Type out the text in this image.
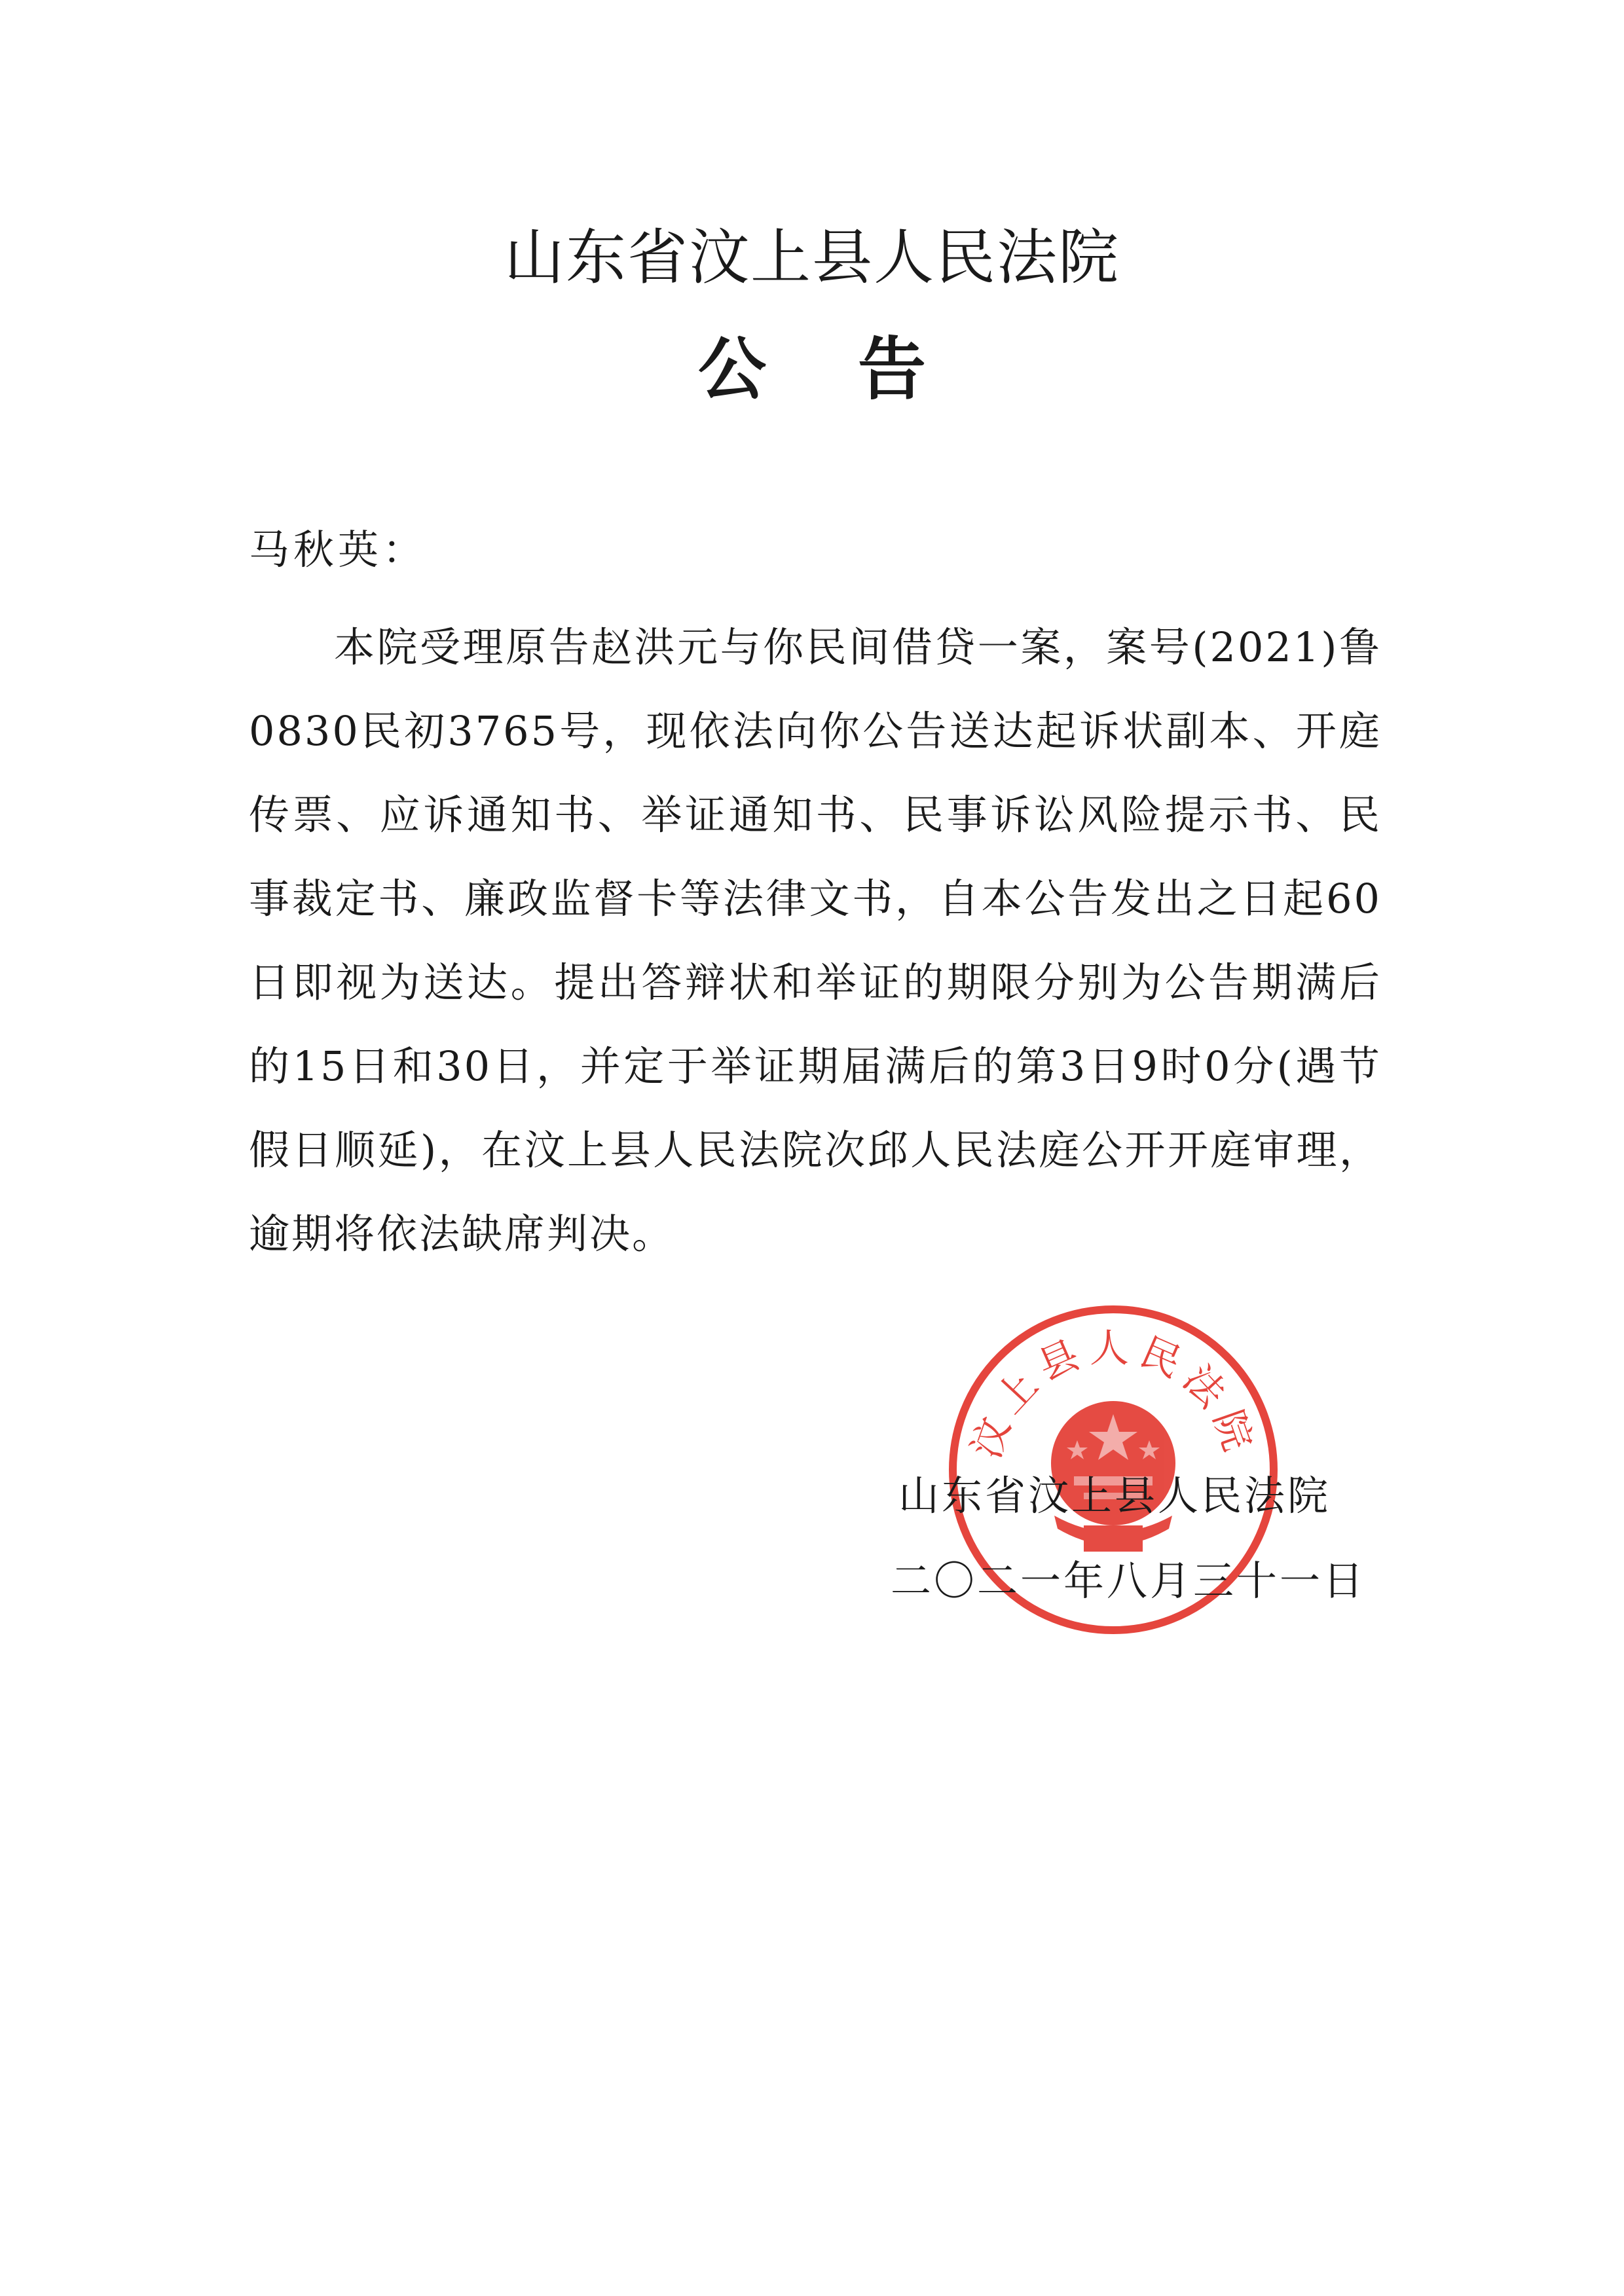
山东省汶上县人民法院
公告
马秋英：
本院受理原告赵洪元与你民间借贷一案，案号(2021)鲁0830民初3765号，现依法向你公告送达起诉状副本、开庭传票、应诉通知书、举证通知书、民事诉讼风险提示书、民事裁定书、廉政监督卡等法律文书，自本公告发出之日起60日即视为送达。提出答辩状和举证的期限分别为公告期满后的15日和30日，并定于举证期届满后的第3日9时0分(遇节假日顺延)，在汶上县人民法院次邱人民法庭公开开庭审理，逾期将依法缺席判决。
汶上县人民法院
山东省汶上县人民法院
二〇二一年八月三十一日
